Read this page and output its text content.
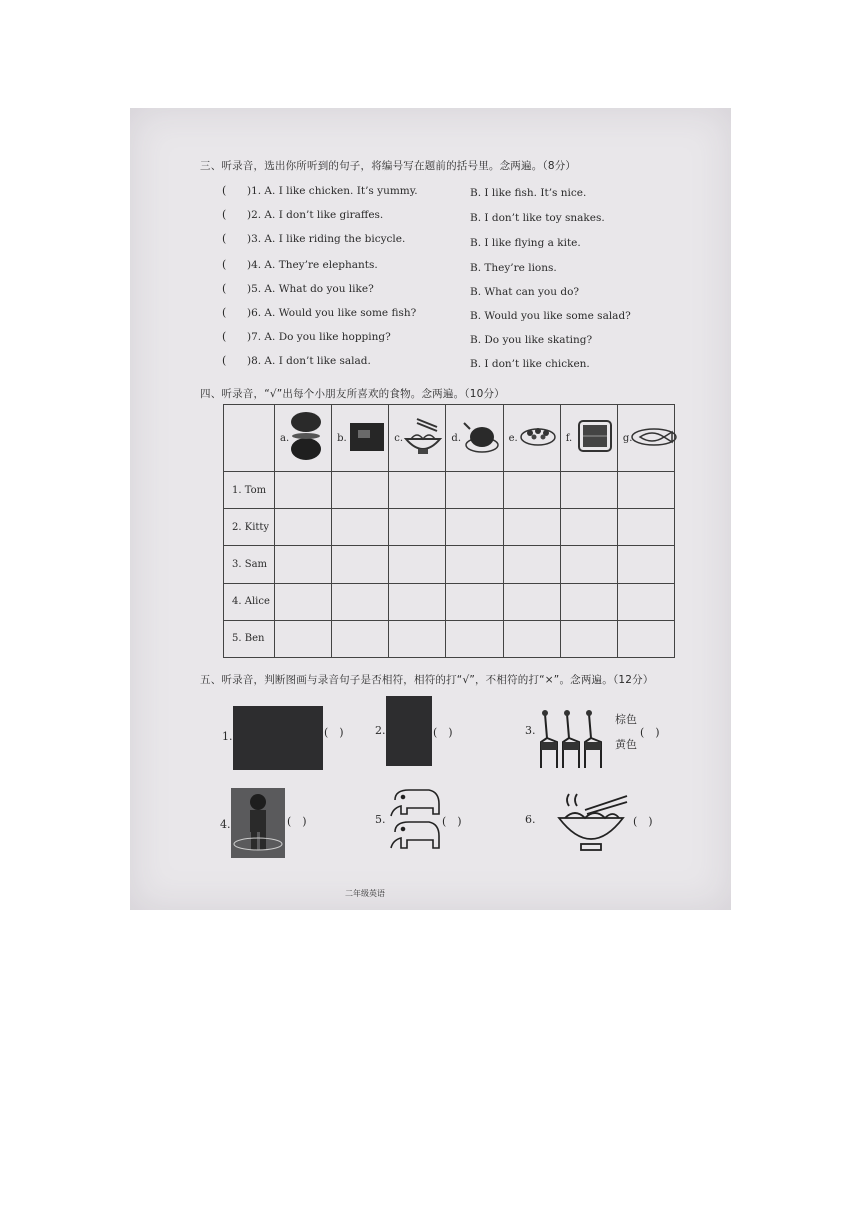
三、听录音，选出你所听到的句子，将编号写在题前的括号里。念两遍。（8分）
( )1. A. I like chicken. It’s yummy.	B. I like fish. It’s nice.
( )2. A. I don’t like giraffes.	B. I don’t like toy snakes.
( )3. A. I like riding the bicycle.	B. I like flying a kite.
( )4. A. They’re elephants.	B. They’re lions.
( )5. A. What do you like?	B. What can you do?
( )6. A. Would you like some fish?	B. Would you like some salad?
( )7. A. Do you like hopping?	B. Do you like skating?
( )8. A. I don’t like salad.	B. I don’t like chicken.
四、听录音，“√”出每个小朋友所喜欢的食物。念两遍。（10分）

	a.	b.	c.	d.	e.	f.	g.

1. Tom							
2. Kitty							
3. Sam							
4. Alice							
5. Ben							
五、听录音，判断图画与录音句子是否相符，相符的打“√”，不相符的打“×”。念两遍。（12分）
1.	(　)	2.	(　)	3.
棕色
黄色
(　)
4.	(　)	5.	(　)	6.	(　)
二年级英语
